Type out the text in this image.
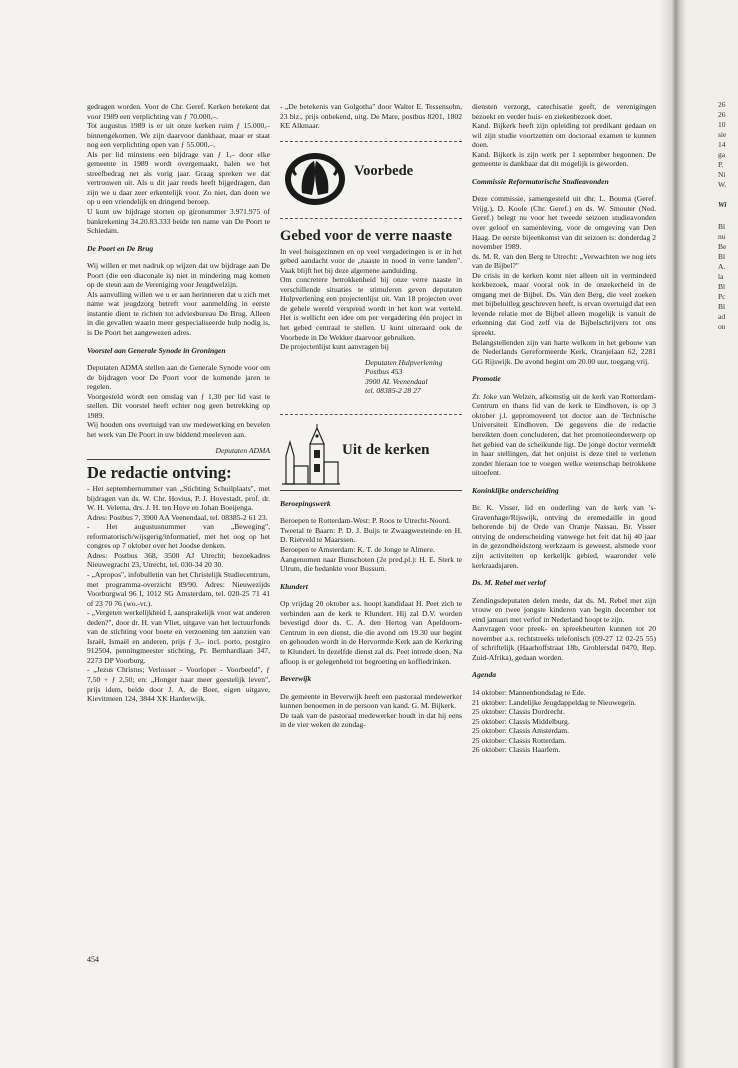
gedragen worden. Voor de Chr. Geref. Kerken betekent dat voor 1989 een verplichting van ƒ 70.000,–.

Tot augustus 1989 is er uit onze kerken ruim ƒ 15.000,– binnengekomen. We zijn daarvoor dankbaar, maar er staat nog een verplichting open van ƒ 55.000,–.

Als per lid minstens een bijdrage van ƒ 1,– door elke gemeente in 1989 wordt overgemaakt, halen we het streefbedrag net als vorig jaar. Graag spreken we dat vertrouwen uit. Als u dit jaar reeds heeft bijgedragen, dan zijn we u daar zeer erkentelijk voor. Zo niet, dan doen we op u een vriendelijk en dringend beroep.

U kunt uw bijdrage storten op gironummer 3.971.975 of bankrekening 34.20.83.333 beide ten name van De Poort te Schiedam.

De Poort en De Brug

Wij willen er met nadruk op wijzen dat uw bijdrage aan De Poort (die een diaconale is) niet in mindering mag komen op de steun aan de Vereniging voor Jeugdwelzijn.

Als aanvulling willen we u er aan herinneren dat u zich met name wat jeugdzorg betreft voor aanmelding in eerste instantie dient te richten tot adviesbureau De Brug. Alleen in die gevallen waarin meer gespecialiseerde hulp nodig is, is De Poort het aangewezen adres.

Voorstel aan Generale Synode in Groningen

Deputaten ADMA stellen aan de Generale Synode voor om de bijdragen voor De Poort voor de komende jaren te regelen.

Voorgesteld wordt een omslag van ƒ 1,30 per lid vast te stellen. Dit voorstel heeft echter nog geen betrekking op 1989.

Wij houden ons overtuigd van uw medewerking en bevelen het werk van De Poort in uw biddend meeleven aan.

Deputaten ADMA

De redactie ontving:

- Het septembernummer van „Stichting Schuilplaats", met bijdragen van ds. W. Chr. Hovius, P. J. Hovestadt, prof. dr. W. H. Velema, drs. J. H. ten Hove en Johan Boeijenga.

Adres: Postbus 7, 3900 AA Veenendaal, tel. 08385-2 61 23.

- Het augustusnummer van „Beweging", reformatorisch/wijsgerig/informatief, met het oog op het congres op 7 oktober over het Joodse denken.

Adres: Postbus 368, 3500 AJ Utrecht; bezoekadres Nieuwegracht 23, Utrecht, tel. 030-34 20 30.

- „Apropos", infobulletin van het Christelijk Studiecentrum, met programma-overzicht 89/90. Adres: Nieuwezijds Voorburgwal 96 I, 1012 SG Amsterdam, tel. 020-25 71 41 of 23 70 76 (wo.-vr.).

- „Vergeten werkelijkheid I, aansprakelijk voor wat anderen deden?", door dr. H. van Vliet, uitgave van het lectuurfonds van de stichting voor boete en verzoening ten aanzien van Israël, Ismaël en anderen, prijs ƒ 3,– incl. porto, postgiro 912504, penningmeester stichting, Pr. Bernhardlaan 347, 2273 DP Voorburg.

- „Jezus Christus; Verlosser - Voorloper - Voorbeeld", ƒ 7,50 + ƒ 2,50; en: „Honger naar meer geestelijk leven", prijs idem, beide door J. A. de Boer, eigen uitgave, Kievitmeen 124, 3844 XK Harderwijk.

- „De betekenis van Golgotha" door Walter E. Tessensohn, 23 blz., prijs onbekend, uitg. De Mare, postbus 8201, 1802 KE Alkmaar.

Voorbede
Gebed voor de verre naaste

In veel huisgezinnen en op veel vergaderingen is er in het gebed aandacht voor de „naaste in nood in verre landen". Vaak blijft het bij deze algemene aanduiding.

Om concretere betrokkenheid bij onze verre naaste in verschillende situaties te stimuleren geven deputaten Hulpverlening een projectenlijst uit. Van 18 projecten over de gehele wereld verspreid wordt in het kort wat verteld. Het is wellicht een idee om per vergadering één project in het gebed centraal te stellen. U kunt uiteraard ook de Voorbede in De Wekker daarvoor gebruiken.

De projectenlijst kunt aanvragen bij

Deputaten Hulpverlening
Postbus 453
3900 AL Veenendaal
tel. 08385-2 28 27

Uit de kerken
Beroepingswerk

Beroepen te Rotterdam-West: P. Roos te Utrecht-Noord.

Tweetal te Baarn: P. D. J. Buijs te Zwaagwesteinde en H. D. Rietveld te Maarssen.

Beroepen te Amsterdam: K. T. de Jonge te Almere.

Aangenomen naar Bunschoten (2e pred.pl.): H. E. Sterk te Ulrum, die bedankte voor Bussum.

Klundert

Op vrijdag 20 oktober a.s. hoopt kandidaat H. Peet zich te verbinden aan de kerk te Klundert. Hij zal D.V. worden bevestigd door ds. C. A. den Hertog van Apeldoorn-Centrum in een dienst, die die avond om 19.30 uur begint en gehouden wordt in de Hervormde Kerk aan de Kerkring te Klundert. In dezelfde dienst zal ds. Peet intrede doen. Na afloop is er gelegenheid tot begroeting en koffiedrinken.

Beverwijk

De gemeente in Beverwijk heeft een pastoraal medewerker kunnen benoemen in de persoon van kand. G. M. Bijkerk.

De taak van de pastoraal medewerker houdt in dat hij eens in de vier weken de zondag-

diensten verzorgt, catechisatie geeft, de verenigingen bezoekt en verder huis- en ziekenbezoek doet.

Kand. Bijkerk heeft zijn opleiding tot predikant gedaan en wil zijn studie voortzetten om doctoraal examen te kunnen doen.

Kand. Bijkerk is zijn werk per 1 september begonnen. De gemeente is dankbaar dat dit mogelijk is geworden.

Commissie Reformatorische Studieavonden

Deze commissie, samengesteld uit dhr. L. Bouma (Geref. Vrijg.), D. Koole (Chr. Geref.) en ds. W. Smouter (Ned. Geref.) belegt nu voor het tweede seizoen studieavonden over geloof en samenleving, voor de omgeving van Den Haag. De eerste bijeenkomst van dit seizoen is: donderdag 2 november 1989.

ds. M. R. van den Berg te Utrecht: „Verwachten we nog iets van de Bijbel?"

De crisis in de kerken komt niet alleen uit in verminderd kerkbezoek, maar vooral ook in de onzekerheid in de omgang met de Bijbel. Ds. Van den Berg, die veel zoeken met bijbeluitleg geschreven heeft, is ervan overtuigd dat een levende relatie met de Bijbel alleen mogelijk is vanuit de erkenning dat God zelf via de Bijbelschrijvers tot ons spreekt.

Belangstellenden zijn van harte welkom in het gebouw van de Nederlands Gereformeerde Kerk, Oranjelaan 62, 2281 GG Rijswijk. De avond begint om 20.00 uur, toegang vrij.

Promotie

Zr. Joke van Welzen, afkomstig uit de kerk van Rotterdam-Centrum en thans lid van de kerk te Eindhoven, is op 3 oktober j.l. gepromoveerd tot doctor aan de Technische Universiteit Eindhoven. De gegevens die de redactie bereikten doen concluderen, dat het promotieonderwerp op het gebied van de scheikunde ligt. De jonge doctor vermeldt in haar stellingen, dat het onjuist is deze titel te verlenen zonder hieraan toe te voegen welke wetenschap betrokkene uitoefent.

Koninklijke onderscheiding

Br. K. Visser, lid en ouderling van de kerk van 's-Gravenhage/Rijswijk, ontving de eremedaille in goud behorende bij de Orde van Oranje Nassau. Br. Visser ontving de onderscheiding vanwege het feit dat hij 40 jaar in de gezondheidszorg werkzaam is geweest, alsmede voor zijn activiteiten op kerkelijk gebied, waaronder vele kerkraadsjaren.

Ds. M. Rebel met verlof

Zendingsdeputaten delen mede, dat ds. M. Rebel met zijn vrouw en twee jongste kinderen van begin december tot eind januari met verlof in Nederland hoopt te zijn.

Aanvragen voor preek- en spreekbeurten kunnen tot 20 november a.s. rechtstreeks telefonisch (09-27 12 02-25 55) of schriftelijk (Haarhoffstraat 18b, Groblersdal 0470, Rep. Zuid-Afrika), gedaan worden.

Agenda

14 oktober: Mannenbondsdag te Ede.

21 oktober: Landelijke Jeugdappeldag te Nieuwegein.

25 oktober: Classis Dordrecht.

25 oktober: Classis Middelburg.

25 oktober: Classis Amsterdam.

25 oktober: Classis Rotterdam.

26 oktober: Classis Haarlem.

454
26
26
10
sie
14
ga
P.
Ni
W.
Wi
Bl
nu
Be
Bl
A.
la
Bl
Pc
Bl
ad
on
